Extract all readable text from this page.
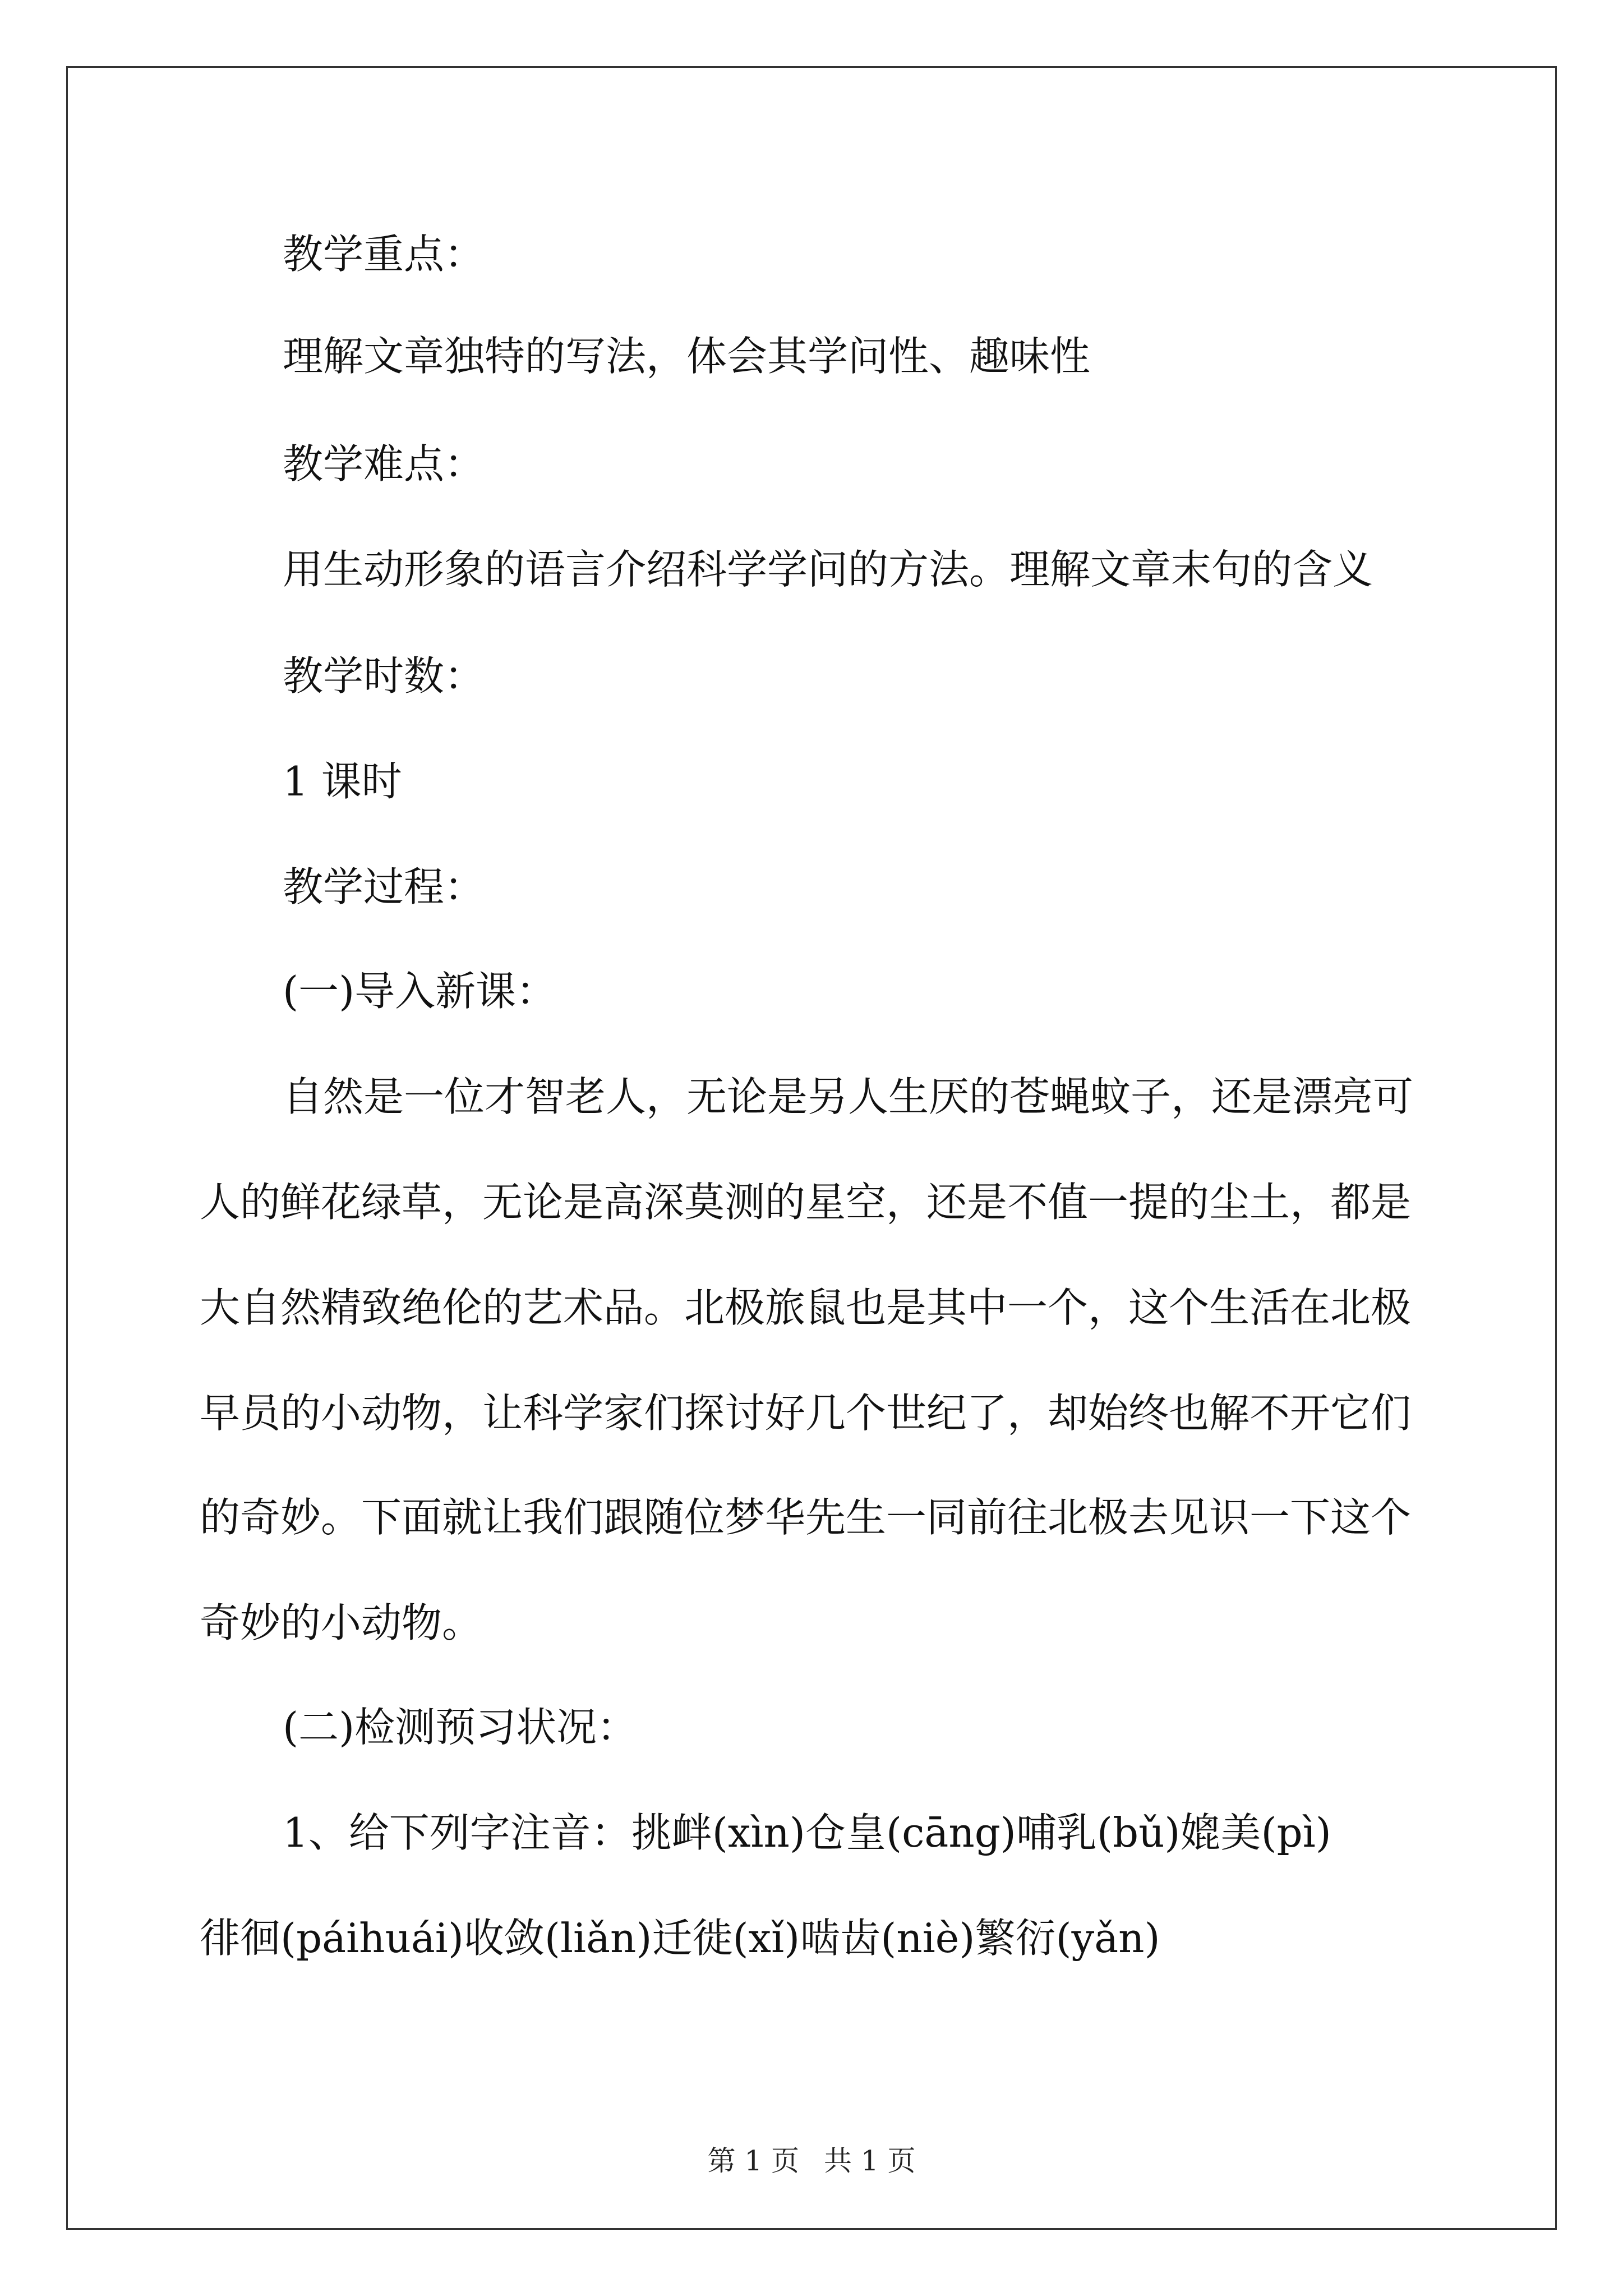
教学重点：
理解文章独特的写法，体会其学问性、趣味性
教学难点：
用生动形象的语言介绍科学学问的方法。理解文章末句的含义
教学时数：
1 课时
教学过程：
(一)导入新课：
自然是一位才智老人，无论是另人生厌的苍蝇蚊子，还是漂亮可
人的鲜花绿草，无论是高深莫测的星空，还是不值一提的尘土，都是
大自然精致绝伦的艺术品。北极旅鼠也是其中一个，这个生活在北极
早员的小动物，让科学家们探讨好几个世纪了，却始终也解不开它们
的奇妙。下面就让我们跟随位梦华先生一同前往北极去见识一下这个
奇妙的小动物。
(二)检测预习状况：
1、给下列字注音：挑衅(xìn)仓皇(cāng)哺乳(bǔ)媲美(pì)
徘徊(páihuái)收敛(liǎn)迁徙(xǐ)啮齿(niè)繁衍(yǎn)
第 1 页 共 1 页
